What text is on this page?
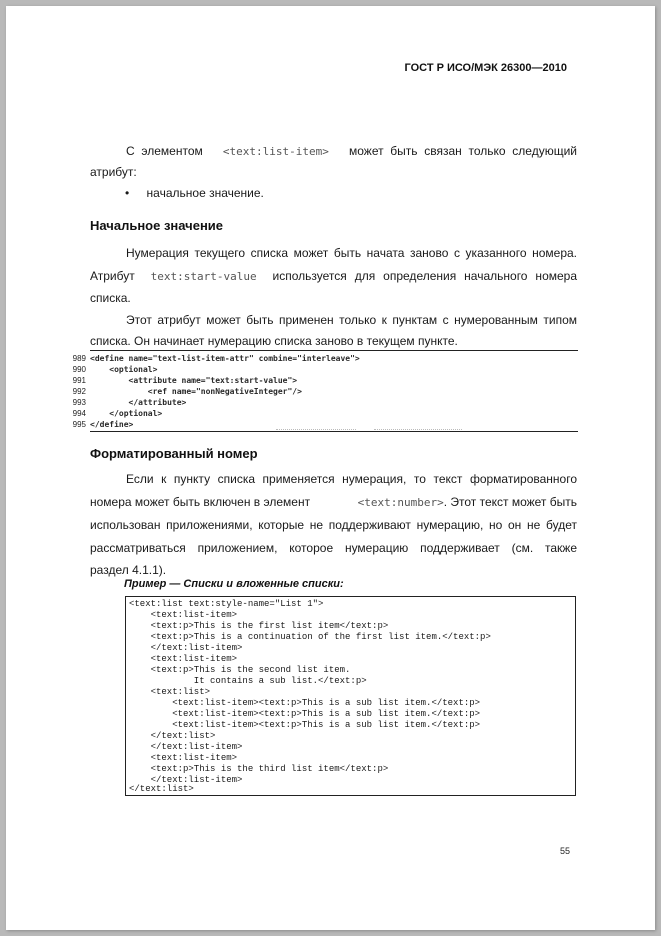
ГОСТ Р ИСО/МЭК 26300—2010
С элементом <text:list-item> может быть связан только следующий
атрибут:
• начальное значение.
Начальное значение
Нумерация текущего списка может быть начата заново с указанного номера.
Атрибут text:start-value используется для определения начального номера
списка.
Этот атрибут может быть применен только к пунктам с нумерованным типом
списка. Он начинает нумерацию списка заново в текущем пункте.
989 <define name="text-list-item-attr" combine="interleave">
990 <optional>
991 <attribute name="text:start-value">
992 <ref name="nonNegativeInteger"/>
993 </attribute>
994 </optional>
995 </define>
Форматированный номер
Если к пункту списка применяется нумерация, то текст форматированного
номера может быть включен в элемент	<text:number>. Этот текст может быть
использован приложениями, которые не поддерживают нумерацию, но он не будет
рассматриваться приложением, которое нумерацию поддерживает (см. также
раздел 4.1.1).
Пример — Списки и вложенные списки:
<text:list text:style-name="List 1">
<text:list-item>
<text:p>This is the first list item</text:p>
<text:p>This is a continuation of the first list item.</text:p>
</text:list-item>
<text:list-item>
<text:p>This is the second list item.
It contains a sub list.</text:p>
<text:list>
<text:list-item><text:p>This is a sub list item.</text:p>
<text:list-item><text:p>This is a sub list item.</text:p>
<text:list-item><text:p>This is a sub list item.</text:p>
</text:list>
</text:list-item>
<text:list-item>
<text:p>This is the third list item</text:p>
</text:list-item>
</text:list>
55
